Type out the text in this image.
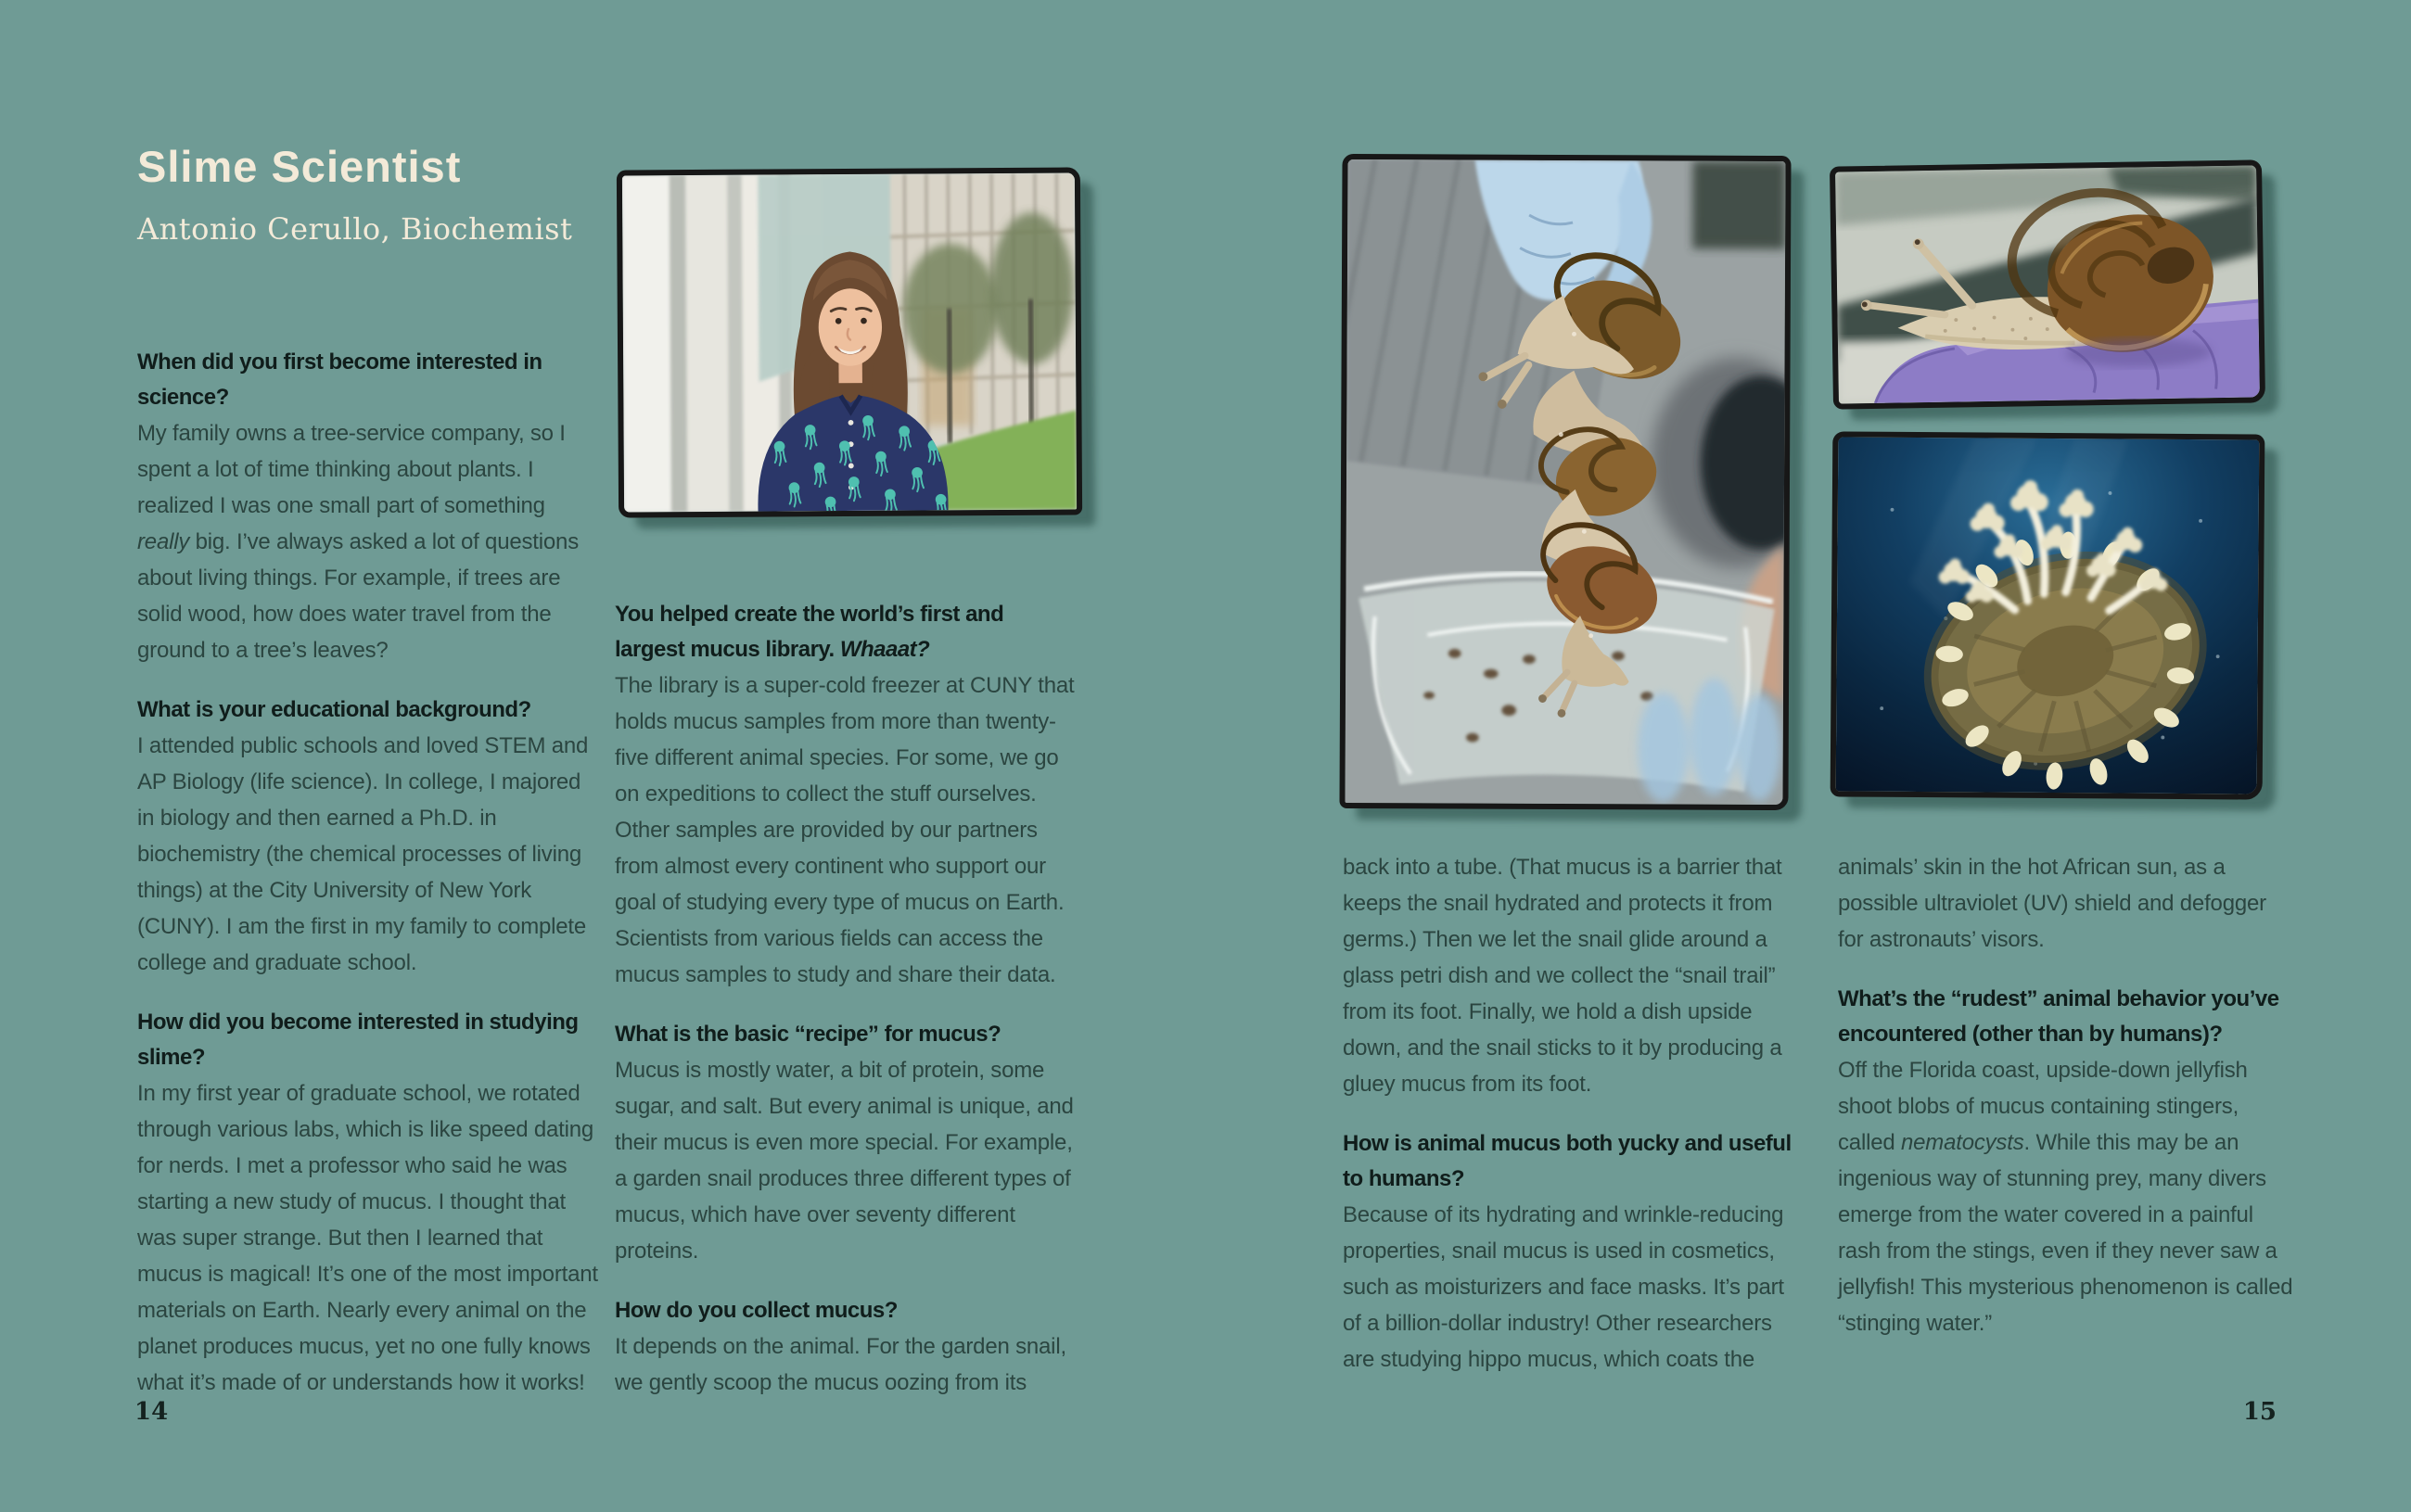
Slime Scientist
Antonio Cerullo, Biochemist
When did you first become interested in science?

My family owns a tree-service company, so I spent a lot of time thinking about plants. I realized I was one small part of something really big. I’ve always asked a lot of questions about living things. For example, if trees are solid wood, how does water travel from the ground to a tree’s leaves?

What is your educational background?

I attended public schools and loved STEM and AP Biology (life science). In college, I majored in biology and then earned a Ph.D. in biochemistry (the chemical processes of living things) at the City University of New York (CUNY). I am the first in my family to complete college and graduate school.

How did you become interested in studying slime?

In my first year of graduate school, we rotated through various labs, which is like speed dating for nerds. I met a professor who said he was starting a new study of mucus. I thought that was super strange. But then I learned that mucus is magical! It’s one of the most important materials on Earth. Nearly every animal on the planet produces mucus, yet no one fully knows what it’s made of or understands how it works!

You helped create the world’s first and largest mucus library. Whaaat?

The library is a super-cold freezer at CUNY that holds mucus samples from more than twenty-five different animal species. For some, we go on expeditions to collect the stuff ourselves. Other samples are provided by our partners from almost every continent who support our goal of studying every type of mucus on Earth. Scientists from various fields can access the mucus samples to study and share their data.

What is the basic “recipe” for mucus?

Mucus is mostly water, a bit of protein, some sugar, and salt. But every animal is unique, and their mucus is even more special. For example, a garden snail produces three different types of mucus, which have over seventy different proteins.

How do you collect mucus?

It depends on the animal. For the garden snail, we gently scoop the mucus oozing from its

back into a tube. (That mucus is a barrier that keeps the snail hydrated and protects it from germs.) Then we let the snail glide around a glass petri dish and we collect the “snail trail” from its foot. Finally, we hold a dish upside down, and the snail sticks to it by producing a gluey mucus from its foot.

How is animal mucus both yucky and useful to humans?

Because of its hydrating and wrinkle-reducing properties, snail mucus is used in cosmetics, such as moisturizers and face masks. It’s part of a billion-dollar industry! Other researchers are studying hippo mucus, which coats the

animals’ skin in the hot African sun, as a possible ultraviolet (UV) shield and defogger for astronauts’ visors.

What’s the “rudest” animal behavior you’ve encountered (other than by humans)?

Off the Florida coast, upside-down jellyfish shoot blobs of mucus containing stingers, called nematocysts. While this may be an ingenious way of stunning prey, many divers emerge from the water covered in a painful rash from the stings, even if they never saw a jellyfish! This mysterious phenomenon is called “stinging water.”

14	15
